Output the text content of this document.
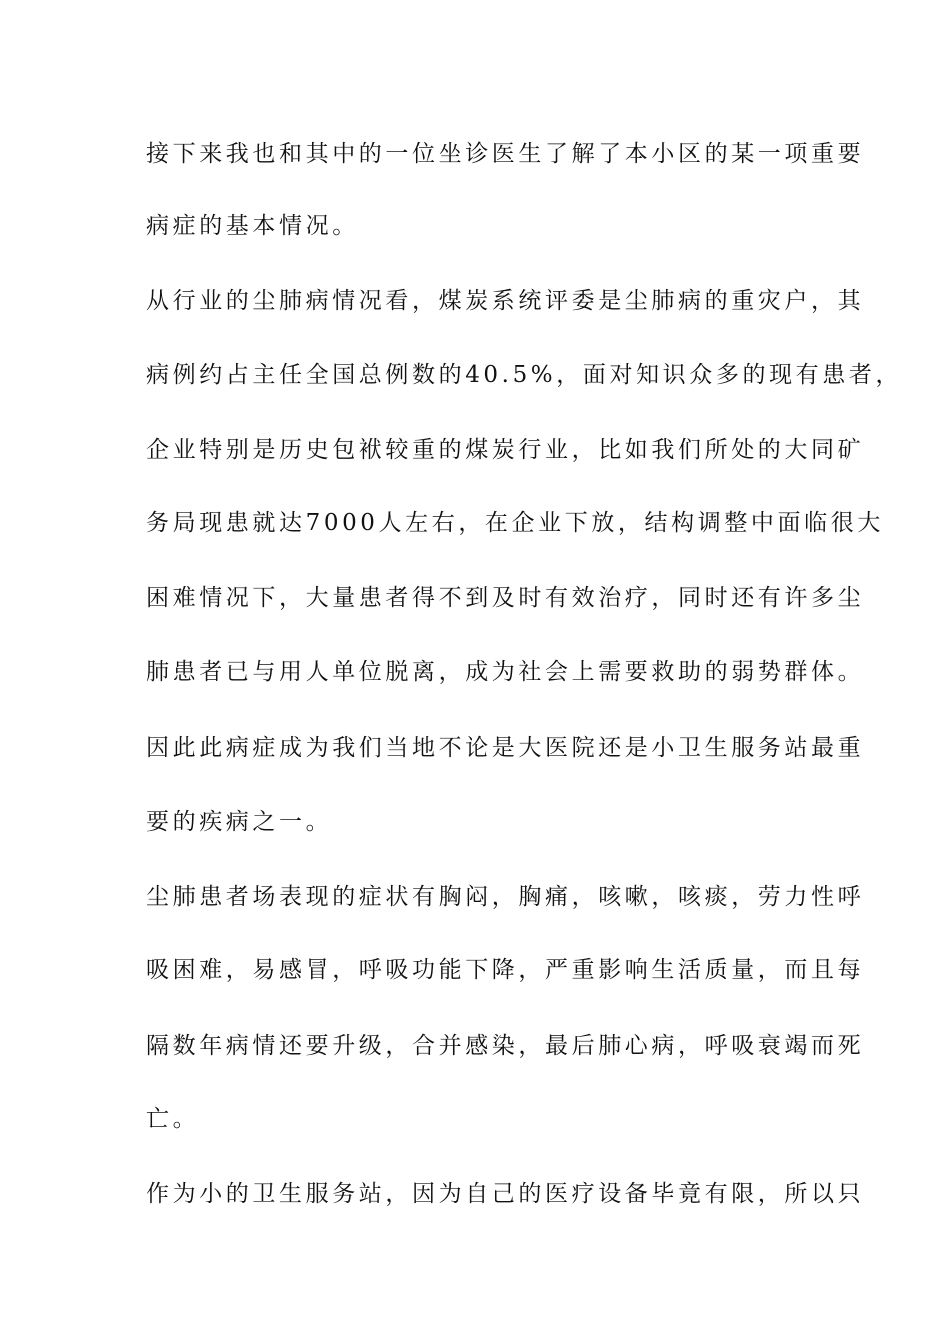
接下来我也和其中的一位坐诊医生了解了本小区的某一项重要
病症的基本情况。
从行业的尘肺病情况看，煤炭系统评委是尘肺病的重灾户，其
病例约占主任全国总例数的40.5%，面对知识众多的现有患者，
企业特别是历史包袱较重的煤炭行业，比如我们所处的大同矿
务局现患就达7000人左右，在企业下放，结构调整中面临很大
困难情况下，大量患者得不到及时有效治疗，同时还有许多尘
肺患者已与用人单位脱离，成为社会上需要救助的弱势群体。
因此此病症成为我们当地不论是大医院还是小卫生服务站最重
要的疾病之一。
尘肺患者场表现的症状有胸闷，胸痛，咳嗽，咳痰，劳力性呼
吸困难，易感冒，呼吸功能下降，严重影响生活质量，而且每
隔数年病情还要升级，合并感染，最后肺心病，呼吸衰竭而死
亡。
作为小的卫生服务站，因为自己的医疗设备毕竟有限，所以只
